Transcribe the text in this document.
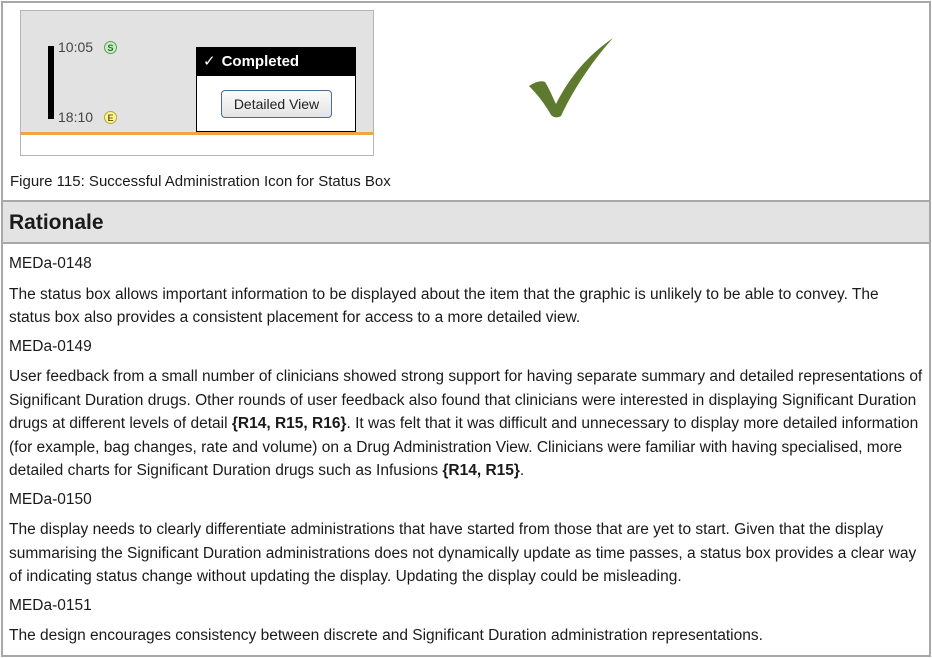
10:05	S
18:10	E
✓ Completed
Detailed View
Figure 115: Successful Administration Icon for Status Box
Rationale
MEDa-0148
The status box allows important information to be displayed about the item that the graphic is unlikely to be able to convey. The status box also provides a consistent placement for access to a more detailed view.
MEDa-0149
User feedback from a small number of clinicians showed strong support for having separate summary and detailed representations of Significant Duration drugs. Other rounds of user feedback also found that clinicians were interested in displaying Significant Duration drugs at different levels of detail {R14, R15, R16}. It was felt that it was difficult and unnecessary to display more detailed information (for example, bag changes, rate and volume) on a Drug Administration View. Clinicians were familiar with having specialised, more detailed charts for Significant Duration drugs such as Infusions {R14, R15}.
MEDa-0150
The display needs to clearly differentiate administrations that have started from those that are yet to start. Given that the display summarising the Significant Duration administrations does not dynamically update as time passes, a status box provides a clear way of indicating status change without updating the display. Updating the display could be misleading.
MEDa-0151
The design encourages consistency between discrete and Significant Duration administration representations.
